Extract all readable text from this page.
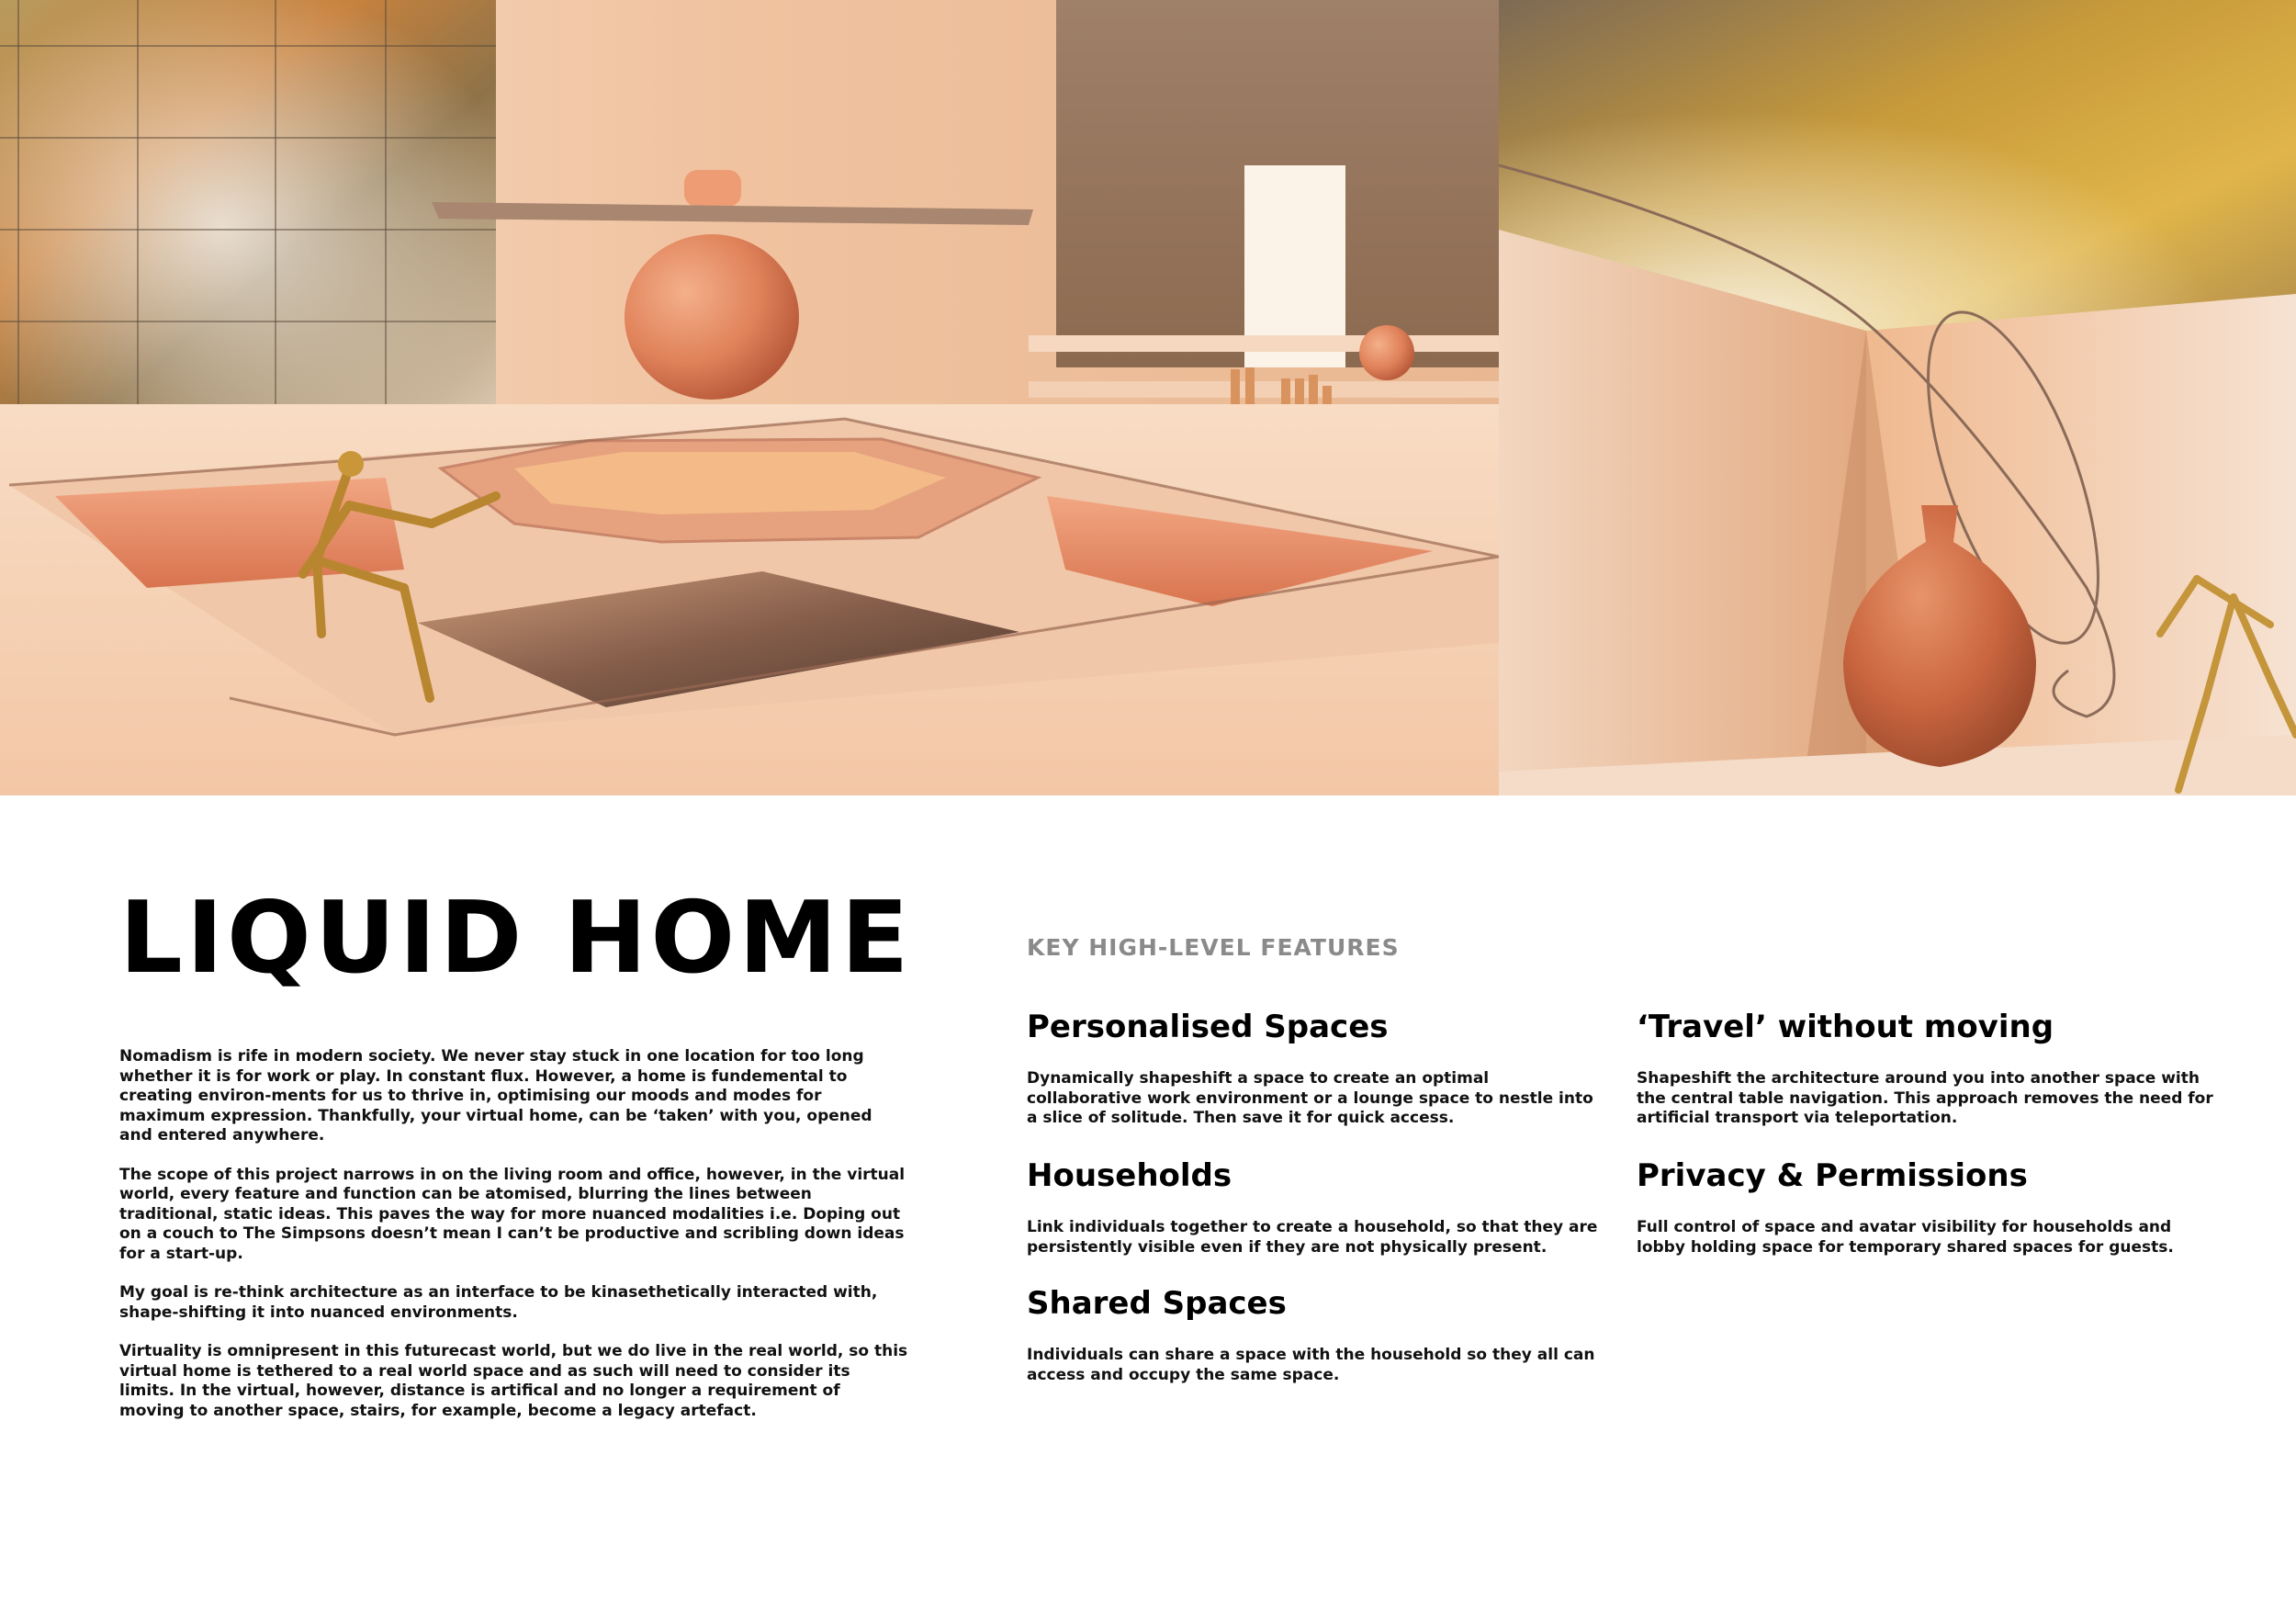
LIQUID HOME

Nomadism is rife in modern society. We never stay stuck in one location for too long whether it is for work or play. In constant flux. However, a home is fundemental to creating environ-ments for us to thrive in, optimising our moods and modes for maximum expression. Thankfully, your virtual home, can be ‘taken’ with you, opened and entered anywhere.

The scope of this project narrows in on the living room and office, however, in the virtual world, every feature and function can be atomised, blurring the lines between traditional, static ideas. This paves the way for more nuanced modalities i.e. Doping out on a couch to The Simpsons doesn’t mean I can’t be productive and scribling down ideas for a start-up.

My goal is re-think architecture as an interface to be kinasethetically interacted with, shape-shifting it into nuanced environments.

Virtuality is omnipresent in this futurecast world, but we do live in the real world, so this virtual home is tethered to a real world space and as such will need to consider its limits. In the virtual, however, distance is artifical and no longer a requirement of moving to another space, stairs, for example, become a legacy artefact.

KEY HIGH-LEVEL FEATURES
Personalised Spaces

Dynamically shapeshift a space to create an optimal collaborative work environment or a lounge space to nestle into a slice of solitude. Then save it for quick access.

Households

Link individuals together to create a household, so that they are persistently visible even if they are not physically present.

Shared Spaces

Individuals can share a space with the household so they all can access and occupy the same space.

‘Travel’ without moving

Shapeshift the architecture around you into another space with the central table navigation. This approach removes the need for artificial transport via teleportation.

Privacy & Permissions

Full control of space and avatar visibility for households and lobby holding space for temporary shared spaces for guests.
